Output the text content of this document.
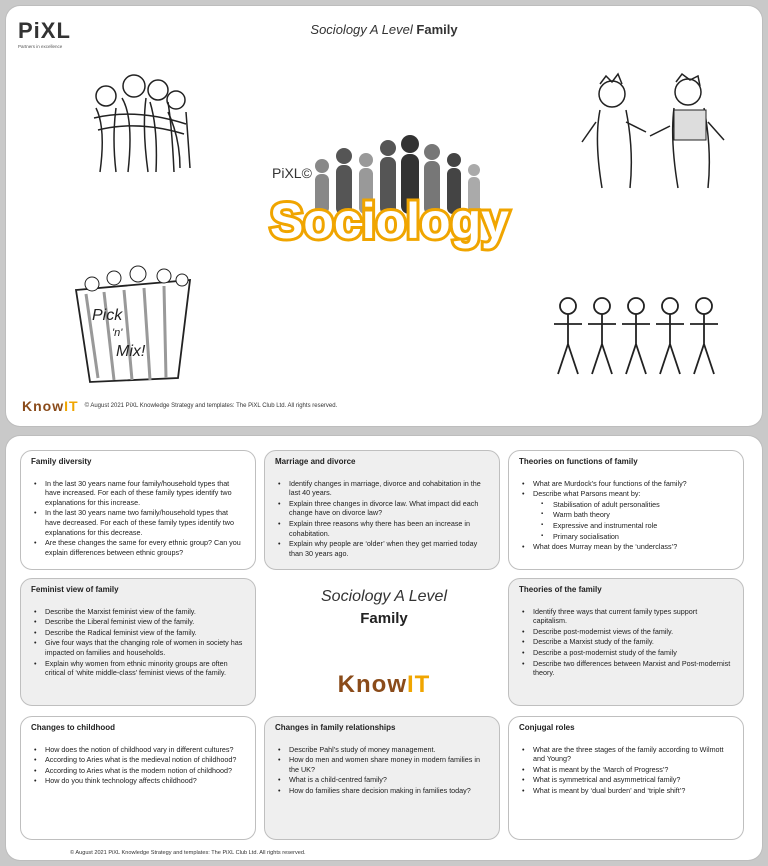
PiXL
Partners in excellence
Sociology A Level Family
PiXL©
Sociology
Pick
'n'
Mix!
KnowIT © August 2021 PiXL Knowledge Strategy and templates: The PiXL Club Ltd. All rights reserved.
Family diversity
• In the last 30 years name four family/household types that have increased. For each of these family types identify two explanations for this increase.
• In the last 30 years name two family/household types that have decreased. For each of these family types identify two explanations for this decrease.
• Are these changes the same for every ethnic group? Can you explain differences between ethnic groups?
Marriage and divorce
• Identify changes in marriage, divorce and cohabitation in the last 40 years.
• Explain three changes in divorce law. What impact did each change have on divorce law?
• Explain three reasons why there has been an increase in cohabitation.
• Explain why people are ‘older’ when they get married today than 30 years ago.
Theories on functions of family
• What are Murdock’s four functions of the family?
• Describe what Parsons meant by:
▪ Stabilisation of adult personalities
▪ Warm bath theory
▪ Expressive and instrumental role
▪ Primary socialisation
• What does Murray mean by the ‘underclass’?
Feminist view of family
• Describe the Marxist feminist view of the family.
• Describe the Liberal feminist view of the family.
• Describe the Radical feminist view of the family.
• Give four ways that the changing role of women in society has impacted on families and households.
• Explain why women from ethnic minority groups are often critical of ‘white middle-class’ feminist views of the family.
Sociology A Level
Family
KnowIT
Theories of the family
• Identify three ways that current family types support capitalism.
• Describe post-modernist views of the family.
• Describe a Marxist study of the family.
• Describe a post-modernist study of the family
• Describe two differences between Marxist and Post-modernist theory.
Changes to childhood
• How does the notion of childhood vary in different cultures?
• According to Aries what is the medieval notion of childhood?
• According to Aries what is the modern notion of childhood?
• How do you think technology affects childhood?
Changes in family relationships
• Describe Pahl’s study of money management.
• How do men and women share money in modern families in the UK?
• What is a child-centred family?
• How do families share decision making in families today?
Conjugal roles
• What are the three stages of the family according to Wilmott and Young?
• What is meant by the ‘March of Progress’?
• What is symmetrical and asymmetrical family?
• What is meant by ‘dual burden’ and ‘triple shift’?
© August 2021 PiXL Knowledge Strategy and templates: The PiXL Club Ltd. All rights reserved.
